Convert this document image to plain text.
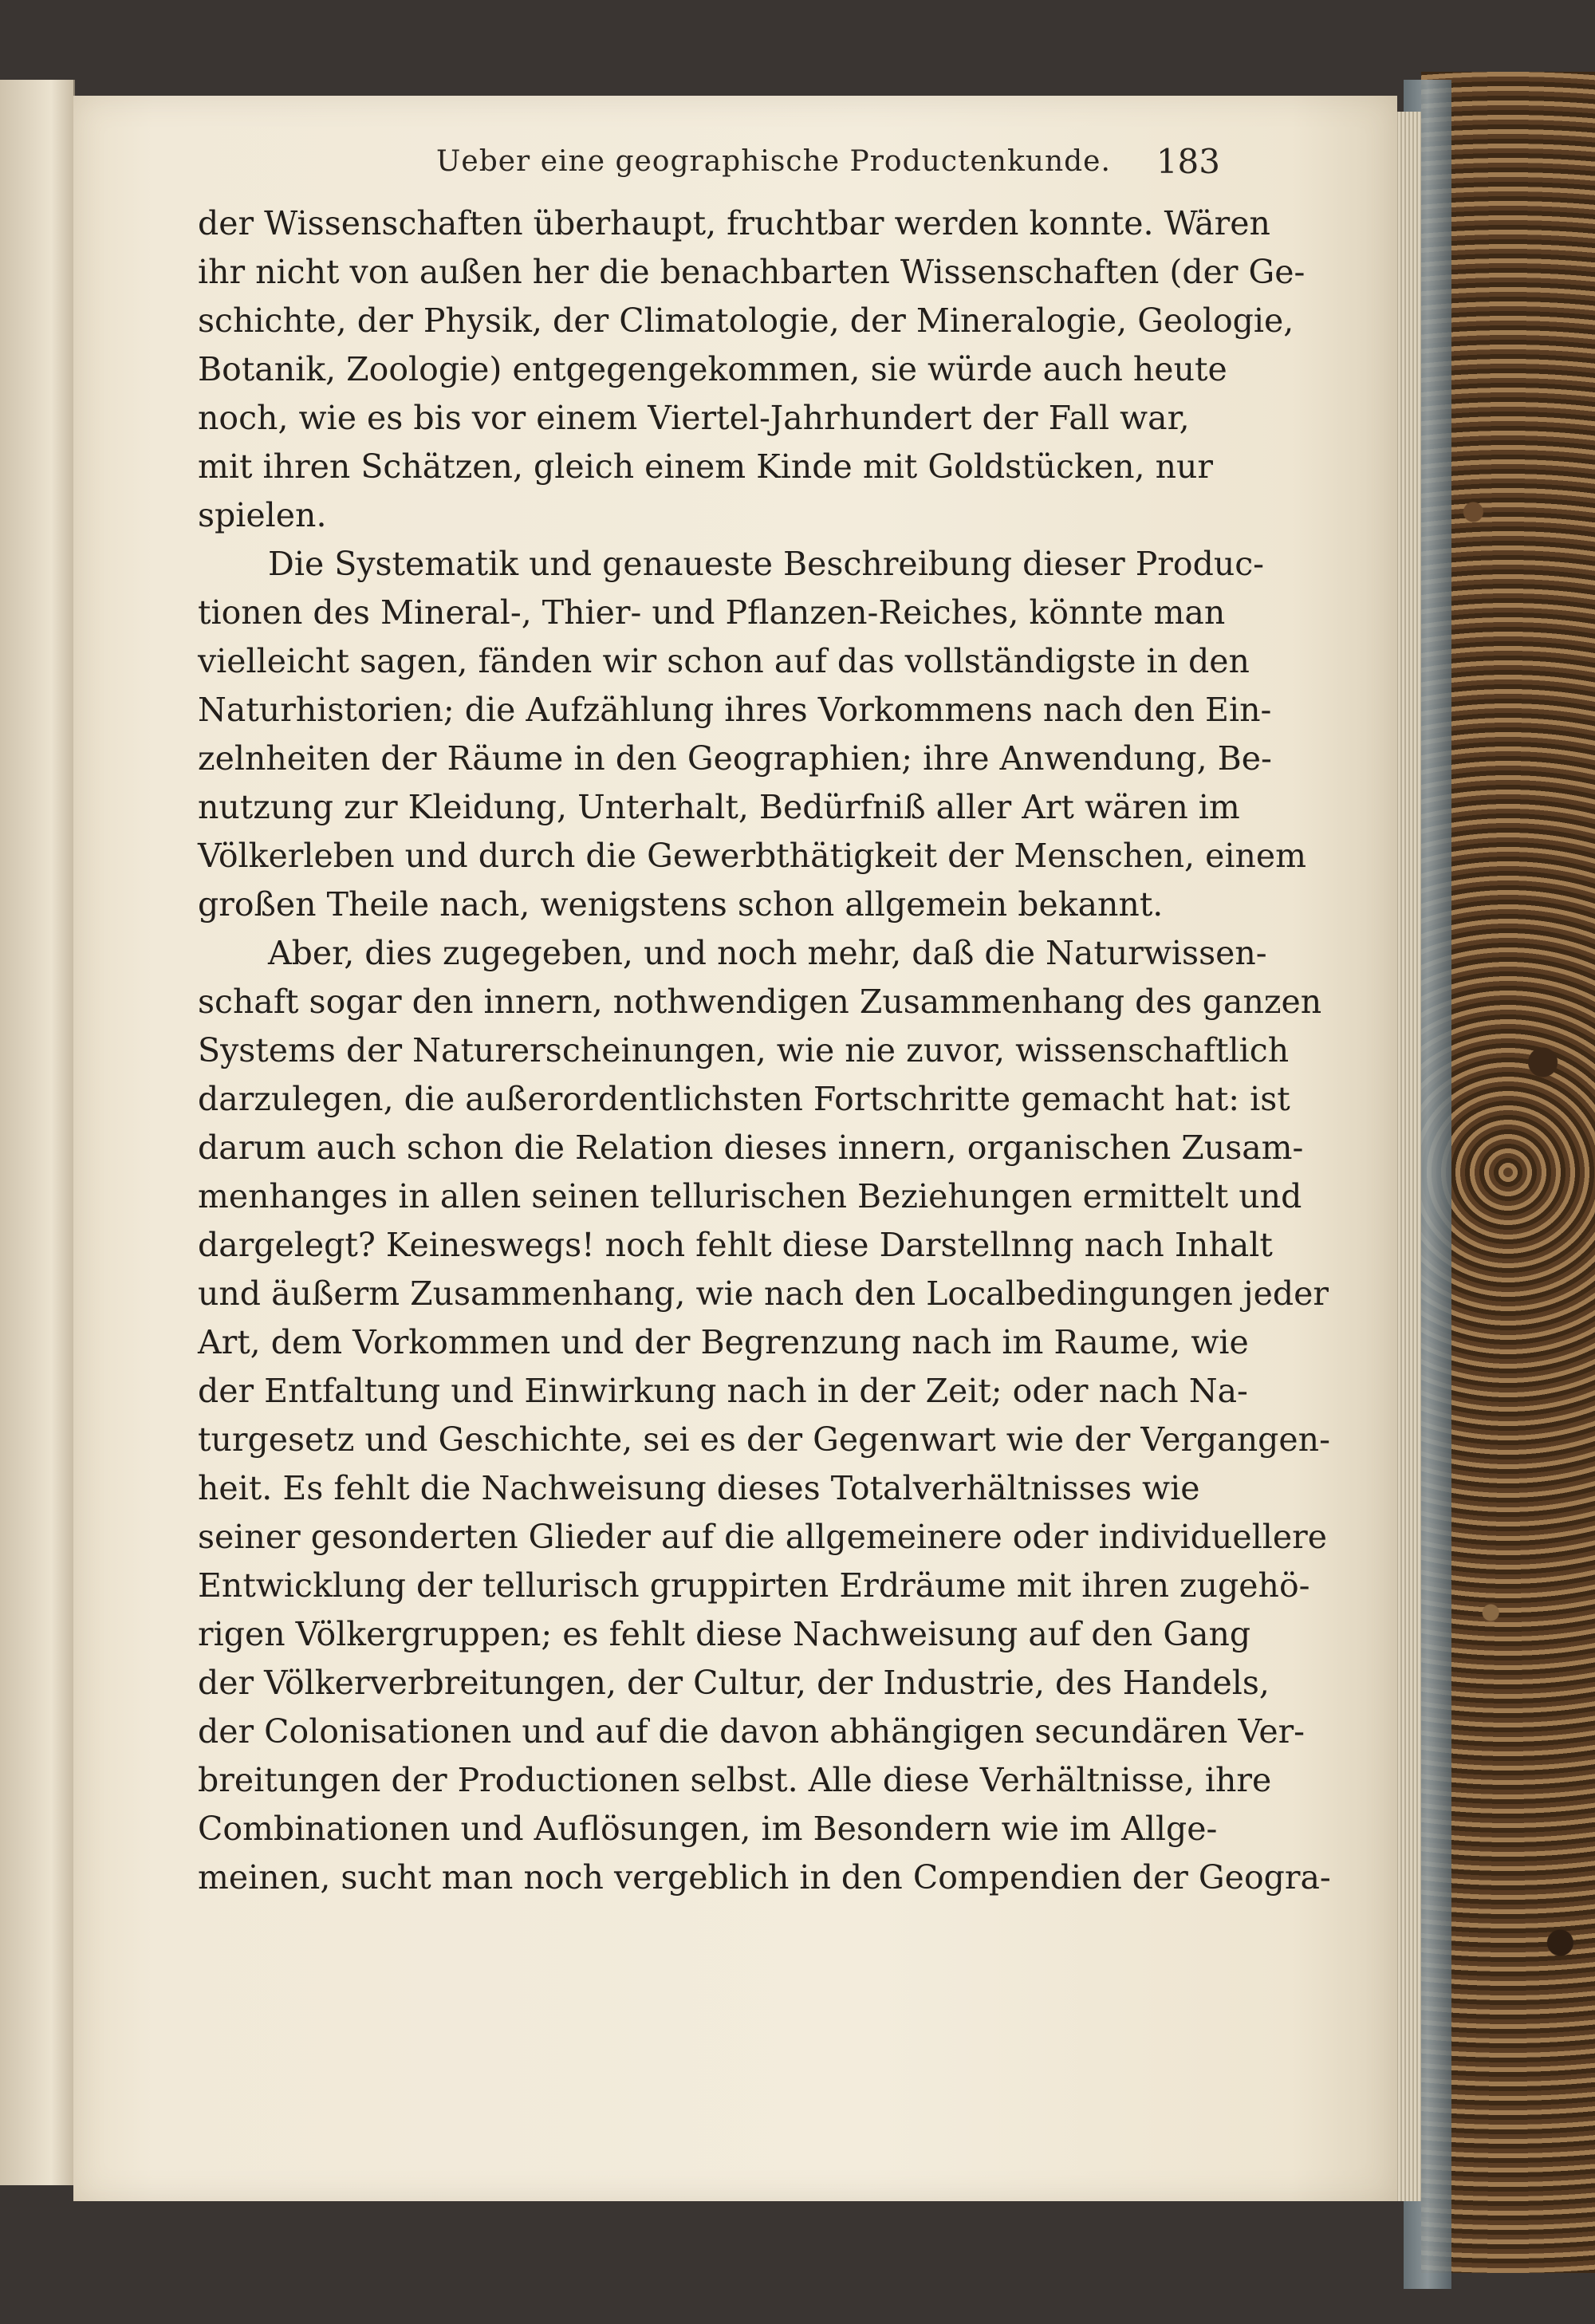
Ueber eine geographische Productenkunde.	183
der Wissenschaften überhaupt, fruchtbar werden konnte. Wären
ihr nicht von außen her die benachbarten Wissenschaften (der Ge-
schichte, der Physik, der Climatologie, der Mineralogie, Geologie,
Botanik, Zoologie) entgegengekommen, sie würde auch heute
noch, wie es bis vor einem Viertel-Jahrhundert der Fall war,
mit ihren Schätzen, gleich einem Kinde mit Goldstücken, nur
spielen.
Die Systematik und genaueste Beschreibung dieser Produc-
tionen des Mineral-, Thier- und Pflanzen-Reiches, könnte man
vielleicht sagen, fänden wir schon auf das vollständigste in den
Naturhistorien; die Aufzählung ihres Vorkommens nach den Ein-
zelnheiten der Räume in den Geographien; ihre Anwendung, Be-
nutzung zur Kleidung, Unterhalt, Bedürfniß aller Art wären im
Völkerleben und durch die Gewerbthätigkeit der Menschen, einem
großen Theile nach, wenigstens schon allgemein bekannt.
Aber, dies zugegeben, und noch mehr, daß die Naturwissen-
schaft sogar den innern, nothwendigen Zusammenhang des ganzen
Systems der Naturerscheinungen, wie nie zuvor, wissenschaftlich
darzulegen, die außerordentlichsten Fortschritte gemacht hat: ist
darum auch schon die Relation dieses innern, organischen Zusam-
menhanges in allen seinen tellurischen Beziehungen ermittelt und
dargelegt? Keineswegs! noch fehlt diese Darstellnng nach Inhalt
und äußerm Zusammenhang, wie nach den Localbedingungen jeder
Art, dem Vorkommen und der Begrenzung nach im Raume, wie
der Entfaltung und Einwirkung nach in der Zeit; oder nach Na-
turgesetz und Geschichte, sei es der Gegenwart wie der Vergangen-
heit. Es fehlt die Nachweisung dieses Totalverhältnisses wie
seiner gesonderten Glieder auf die allgemeinere oder individuellere
Entwicklung der tellurisch gruppirten Erdräume mit ihren zugehö-
rigen Völkergruppen; es fehlt diese Nachweisung auf den Gang
der Völkerverbreitungen, der Cultur, der Industrie, des Handels,
der Colonisationen und auf die davon abhängigen secundären Ver-
breitungen der Productionen selbst. Alle diese Verhältnisse, ihre
Combinationen und Auflösungen, im Besondern wie im Allge-
meinen, sucht man noch vergeblich in den Compendien der Geogra-
